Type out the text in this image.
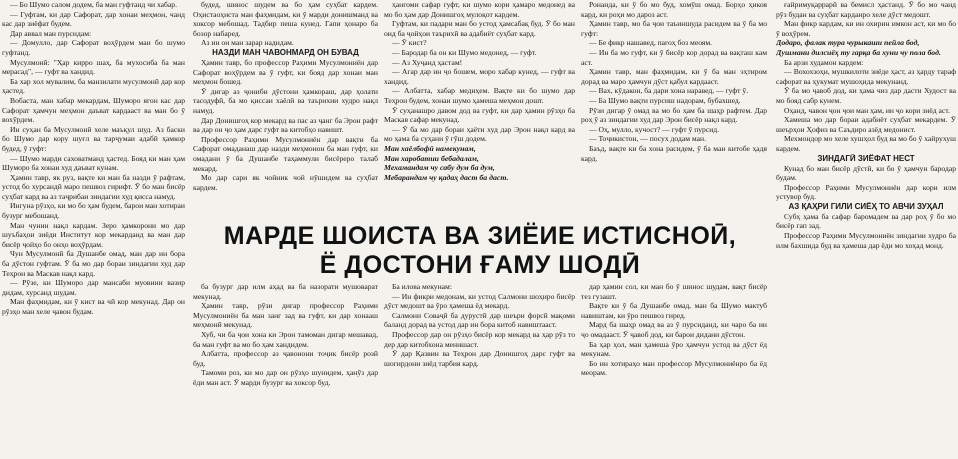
— Бо Шумо салом додем, ба ман гуфтанд чи хабар.

— Гуфтам, ки дар Сафорат, дар хонаи меҳмон, чанд кас дар зиёфат будем.

Дар аввал ман пурсидам:

— Домулло, дар Сафорат воҳӯрдем ман бо шумо гуфтанд.

Мусулмонӣ: "Ҳар кирро шаҳ, ба мухосиба ба ман мерасад", — гуфт ва хандид.

Ба хар хол мувалим, ба манзилати мусулмонӣ дар кор ҳастед.

Вобаста, ман хабар мекардам, Шуморо ягон кас дар Сафорат ҳамчун меҳмон даъват кардааст ва ман бо ӯ вохӯрдем.

Ин суҳан ба Мусулмонӣ хеле маъқул шуд. Аз баски бо Шумо дар кору шуғл ва тарҷумаи адабӣ ҳамкор будед, ӯ гуфт:

— Шумо марди саховатманд ҳастед. Бояд ки ман ҳам Шуморо ба хонаи худ даъват кунам.

Ҳамин тавр, як руз, вақте ки ман ба назди ӯ рафтам, устод бо хурсандӣ маро пешвоз гирифт. Ӯ бо ман бисёр суҳбат кард ва аз таҷрибаи зиндагии худ қисса намуд.

Ингуна рӯзҳо, ки мо бо ҳам будем, барои ман хотираи бузург мебошанд.

Ман чунин нақл кардам. Зеро ҳамкорони мо дар шуъбаҳои зиёди Институт кор мекарданд ва ман дар бисёр ҷойҳо бо онҳо воҳӯрдам.

Чун Мусулмонӣ ба Душанбе омад, ман дар ин бора ба дӯстон гуфтам. Ӯ ба мо дар бораи зиндагии худ дар Теҳрон ва Маскав нақл кард.

— Рӯзе, ки Шуморо дар мансаби муовини вазир дидам, хурсанд шудам.

Ман фаҳмидам, ки ӯ кист ва чӣ кор мекунад. Дар он рӯзҳо ман хеле ҷавон будам.

будед, шинос шудем ва бо ҳам суҳбат кардем. Оҳистаоҳиста ман фаҳмидам, ки ӯ марди донишманд ва хоксор мебошад. Тадбир пеша кунед. Гапи ҳонаро ба бозор набаред.

Аз ин он ман зарар надидам.

НАЗДИ МАН ЧАВОНМАРД ОН БУВАД

Ҳамин тавр, бо профессор Раҳими Мусулмониён дар Сафорат воҳӯрдем ва ӯ гуфт, ки бояд дар хонаи ман меҳмон бошед.

Ӯ дигар аз ҷониби дӯстони ҳамкораш, дар ҳолати тасодуфӣ, ба мо қиссаи хаёлӣ ва таърихии худро нақл намуд.

Дар Донишгоҳ кор мекард ва пас аз ҷанг ба Эрон рафт ва дар он ҷо ҳам дарс гуфт ва китобҳо навишт.

Профессор Раҳими Мусулмониён дар вақти ба Сафорат омаданаш дар назди меҳмонон ба ман гуфт, ки омадани ӯ ба Душанбе таҳаммули бисёреро талаб мекард.

Мо дар сари як чойник чой нӯшидем ва суҳбат кардем.

ҳангоми сафар гуфт, ки шумо кори ҳамаро медонед ва мо бо ҳам дар Донишгоҳ мулоқот кардем.

Гуфтам, ки падари ман бо устод ҳамсабақ буд. Ӯ бо ман оид ба ҷойҳои таърихӣ ва адабиёт суҳбат кард.

— Ӯ кист?

— Бародар ба он ки Шумо медонед, — гуфт.

— Аз Хуҷанд ҳастам!

— Агар дар ин ҷо бошем, моро хабар кунед, — гуфт ва хандид.

— Албатта, хабар медиҳем. Вақте ки бо шумо дар Теҳрон будем, хонаи шумо ҳамеша меҳмон дошт.

Ӯ суҳанашро давом дод ва гуфт, ки дар ҳамин рӯзҳо ба Маскав сафар мекунад.

— Ӯ ба мо дар бораи ҳаёти худ дар Эрон нақл кард ва мо ҳама ба суҳани ӯ гӯш додем.

Ман хаёлбофӣ намекунам,

Ман харобатии бебадалам,

Мехамандам чу сабу дум ба дум,

Мебарандам чу қадаҳ даст ба даст.

Ронанда, ки ӯ бо мо буд, хомӯш омад. Борҳо ҳикоя кард, ки роҳи мо дароз аст.

Ҳамин тавр, мо ба ҷои таъиншуда расидем ва ӯ ба мо гуфт:

— Бе фикр нашавед, пагоҳ боз меоям.

— Ин ба мо гуфт, ки ӯ бисёр кор дорад ва вақташ кам аст.

Ҳамин тавр, ман фаҳмидам, ки ӯ ба ман эҳтиром дорад ва маро ҳамчун дӯст қабул кардааст.

— Вах, кӯдакон, ба дари хона наравед, — гуфт ӯ.

— Ба Шумо вақти пурсиш надорам, бубахшед.

Рӯзи дигар ӯ омад ва мо бо ҳам ба шаҳр рафтем. Дар роҳ ӯ аз зиндагии худ дар Эрон бисёр нақл кард.

— Оҳ, мулло, кучост? — гуфт ӯ пурсид.

— Тоҷикистон, — посух додам ман.

Баъд, вақте ки ба хона расидем, ӯ ба ман китобе ҳадя кард.

ғайримуқаррарӣ ва бемисл ҳастанд. Ӯ бо мо чанд рӯз будан ва суҳбат карданро хеле дӯст медошт.

Ман фикр кардам, ки ин охирин имкон аст, ки мо бо ӯ воҳӯрем.

Додаро, фалак тура чурыкаши пейла бод,

Душмани дилсиёҳ ту гарқа ба хуни чу пола бод.

Ба арзи худамон кардем:

— Вохохзоҳи, мушкилоти зиёде ҳаст, аз ҳарду тараф сафорат ва ҳукумат мушоҳида мекунанд.

Ӯ ба мо ҷавоб дод, ки ҳама чиз дар дасти Худост ва мо бояд сабр кунем.

Оҳанд, чавон ҷон ҷои ман ҳам, ин ҷо кори зиёд аст.

Хамеша мо дар бораи адабиёт суҳбат мекардем. Ӯ шеърҳои Ҳофиз ва Саъдиро азёд медонист.

Мехмондор мо хеле хушҳол буд ва мо бо ӯ хайрухуш кардем.

ЗИНДАГӢ ЗИЁФАТ НЕСТ

Кунад бо ман бисёр дӯстӣ, ки бо ӯ ҳамчун бародар будам.

Профессор Раҳими Мусулмониён дар кори илм устувор буд.

АЗ ҚАҲРИ ГИЛИ СИЁҲ ТО АВЧИ ЗУҲАЛ

Субҳ ҳама ба сафар баромадем ва дар роҳ ӯ бо мо бисёр гап зад.

Профессор Раҳими Мусулмониён зиндагии худро ба илм бахшида буд ва ҳамеша дар ёди мо хоҳад монд.

МАРДЕ ШОИСТА ВА ЗИЁИЕ ИСТИСНОӢ,
Ё ДОСТОНИ ҒАМУ ШОДӢ

ба бузург дар илм аҳад ва ба назорати мушоварат мекунад.

Ҳамин тавр, рӯзи дигар профессор Раҳими Мусулмониён ба ман занг зад ва гуфт, ки дар хонааш меҳмонӣ мекунад.

Хуб, чи ба ҷои хона ки Эрон тамоман дигар мешавад, ба ман гуфт ва мо бо ҳам хандидем.

Албатта, профессор аз ҷавонони тоҷик бисёр розӣ буд.

Тамоми роз, ки мо дар он рӯзҳо шунидем, ҳанӯз дар ёди ман аст. Ӯ марди бузург ва хоксор буд.

Ба илова мекунам:

— Ин фикри медонам, ки устод Салмони шоҳиро бисёр дӯст медошт ва ӯро ҳамеша ёд мекард.

Салмони Соваҷӣ ба дурустӣ дар шеъри форсӣ мақоми баланд дорад ва устод дар ин бора китоб навиштааст.

Профессор дар он рӯзҳо бисёр кор мекард ва ҳар рӯз то дер дар китобхона менишаст.

Ӯ дар Қазвин ва Теҳрон дар Донишгоҳ дарс гуфт ва шогирдони зиёд тарбия кард.

дар ҳамин сол, ки ман бо ӯ шинос шудам, вақт бисёр тез гузашт.

Вақте ки ӯ ба Душанбе омад, ман ба Шумо мактуб навиштам, ки ӯро пешвоз гиред.

Мард ба шаҳр омад ва аз ӯ пурсиданд, ки чаро ба ин ҷо омадааст. Ӯ ҷавоб дод, ки барои дидани дӯстон.

Ба ҳар ҳол, ман ҳамеша ӯро ҳамчун устод ва дӯст ёд мекунам.

Бо ин хотираҳо ман профессор Мусулмониёнро ба ёд меорам.
